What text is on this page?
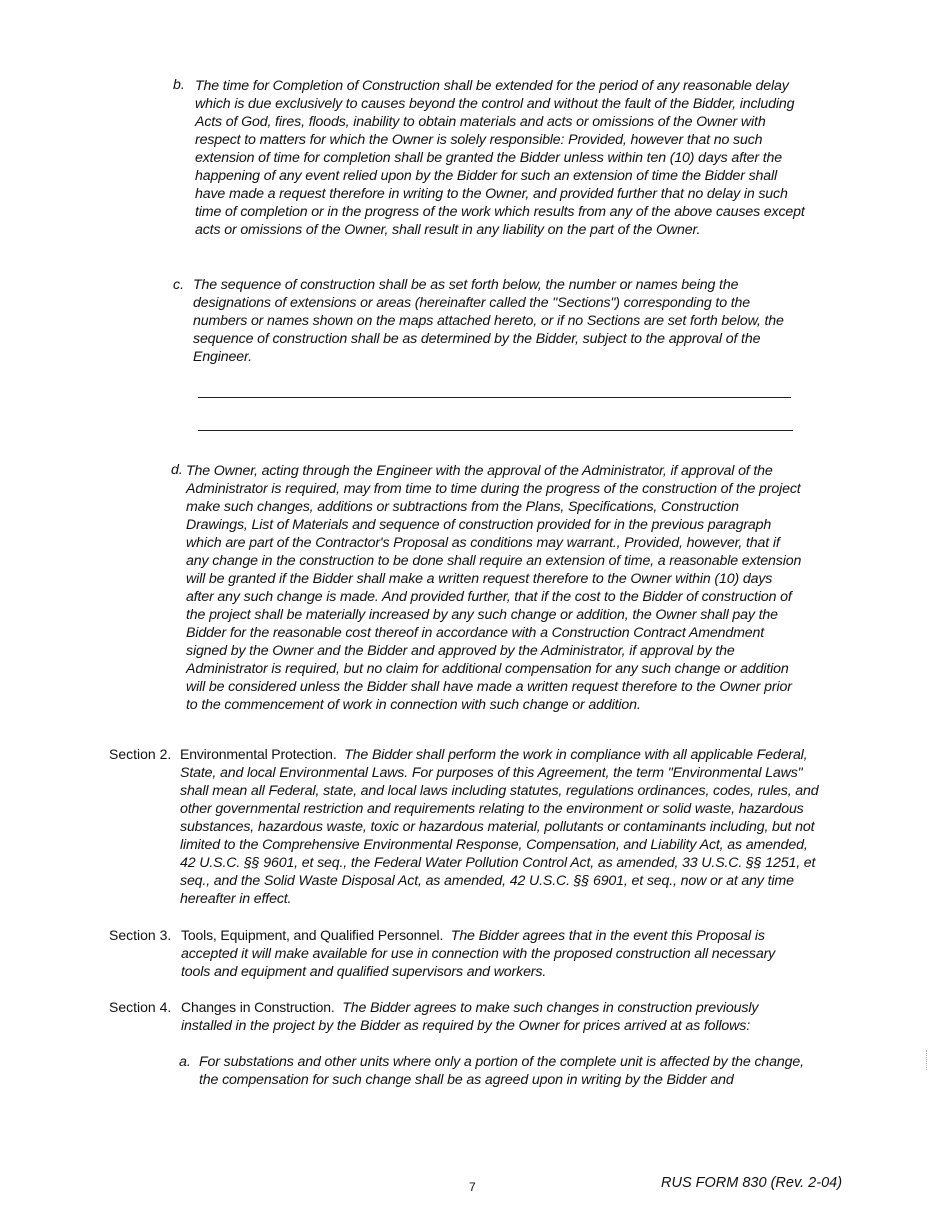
b. The time for Completion of Construction shall be extended for the period of any reasonable delay which is due exclusively to causes beyond the control and without the fault of the Bidder, including Acts of God, fires, floods, inability to obtain materials and acts or omissions of the Owner with respect to matters for which the Owner is solely responsible: Provided, however that no such extension of time for completion shall be granted the Bidder unless within ten (10) days after the happening of any event relied upon by the Bidder for such an extension of time the Bidder shall have made a request therefore in writing to the Owner, and provided further that no delay in such time of completion or in the progress of the work which results from any of the above causes except acts or omissions of the Owner, shall result in any liability on the part of the Owner.
c. The sequence of construction shall be as set forth below, the number or names being the designations of extensions or areas (hereinafter called the "Sections") corresponding to the numbers or names shown on the maps attached hereto, or if no Sections are set forth below, the sequence of construction shall be as determined by the Bidder, subject to the approval of the Engineer.
d. The Owner, acting through the Engineer with the approval of the Administrator, if approval of the Administrator is required, may from time to time during the progress of the construction of the project make such changes, additions or subtractions from the Plans, Specifications, Construction Drawings, List of Materials and sequence of construction provided for in the previous paragraph which are part of the Contractor's Proposal as conditions may warrant., Provided, however, that if any change in the construction to be done shall require an extension of time, a reasonable extension will be granted if the Bidder shall make a written request therefore to the Owner within (10) days after any such change is made. And provided further, that if the cost to the Bidder of construction of the project shall be materially increased by any such change or addition, the Owner shall pay the Bidder for the reasonable cost thereof in accordance with a Construction Contract Amendment signed by the Owner and the Bidder and approved by the Administrator, if approval by the Administrator is required, but no claim for additional compensation for any such change or addition will be considered unless the Bidder shall have made a written request therefore to the Owner prior to the commencement of work in connection with such change or addition.
Section 2. Environmental Protection. The Bidder shall perform the work in compliance with all applicable Federal, State, and local Environmental Laws. For purposes of this Agreement, the term "Environmental Laws" shall mean all Federal, state, and local laws including statutes, regulations ordinances, codes, rules, and other governmental restriction and requirements relating to the environment or solid waste, hazardous substances, hazardous waste, toxic or hazardous material, pollutants or contaminants including, but not limited to the Comprehensive Environmental Response, Compensation, and Liability Act, as amended, 42 U.S.C. §§ 9601, et seq., the Federal Water Pollution Control Act, as amended, 33 U.S.C. §§ 1251, et seq., and the Solid Waste Disposal Act, as amended, 42 U.S.C. §§ 6901, et seq., now or at any time hereafter in effect.
Section 3. Tools, Equipment, and Qualified Personnel. The Bidder agrees that in the event this Proposal is accepted it will make available for use in connection with the proposed construction all necessary tools and equipment and qualified supervisors and workers.
Section 4. Changes in Construction. The Bidder agrees to make such changes in construction previously installed in the project by the Bidder as required by the Owner for prices arrived at as follows:
a. For substations and other units where only a portion of the complete unit is affected by the change, the compensation for such change shall be as agreed upon in writing by the Bidder and
7	RUS FORM 830 (Rev. 2-04)
